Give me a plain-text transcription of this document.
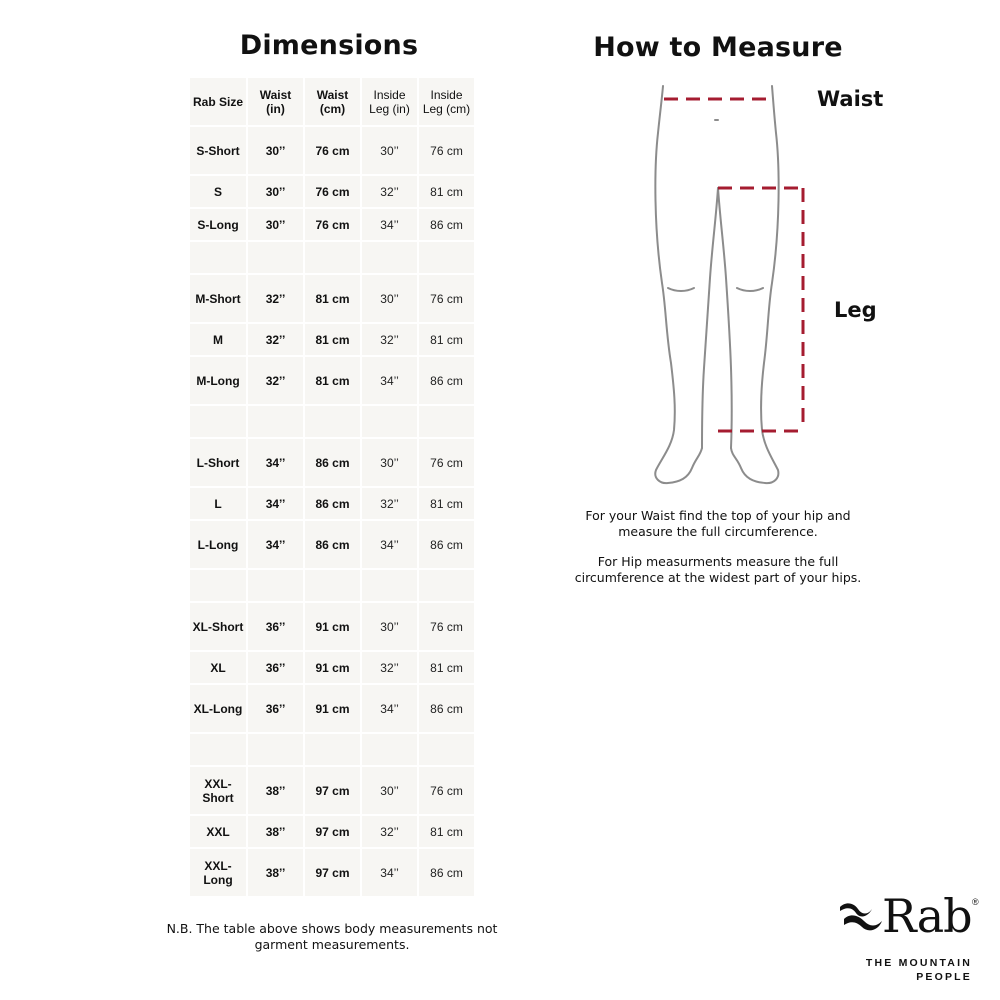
Dimensions	How to Measure
Rab Size	Waist (in)	Waist (cm)	Inside Leg (in)	Inside Leg (cm)
S-Short	30’’	76 cm	30’’	76 cm
S	30’’	76 cm	32’’	81 cm
S-Long	30’’	76 cm	34’’	86 cm

M-Short	32’’	81 cm	30’’	76 cm
M	32’’	81 cm	32’’	81 cm
M-Long	32’’	81 cm	34’’	86 cm

L-Short	34’’	86 cm	30’’	76 cm
L	34’’	86 cm	32’’	81 cm
L-Long	34’’	86 cm	34’’	86 cm

XL-Short	36’’	91 cm	30’’	76 cm
XL	36’’	91 cm	32’’	81 cm
XL-Long	36’’	91 cm	34’’	86 cm

XXL-Short	38’’	97 cm	30’’	76 cm
XXL	38’’	97 cm	32’’	81 cm
XXL-Long	38’’	97 cm	34’’	86 cm
N.B. The table above shows body measurements not garment measurements.
Waist
Leg

For your Waist find the top of your hip and measure the full circumference.

For Hip measurments measure the full circumference at the widest part of your hips.

Rab ®
THE MOUNTAIN
PEOPLE
